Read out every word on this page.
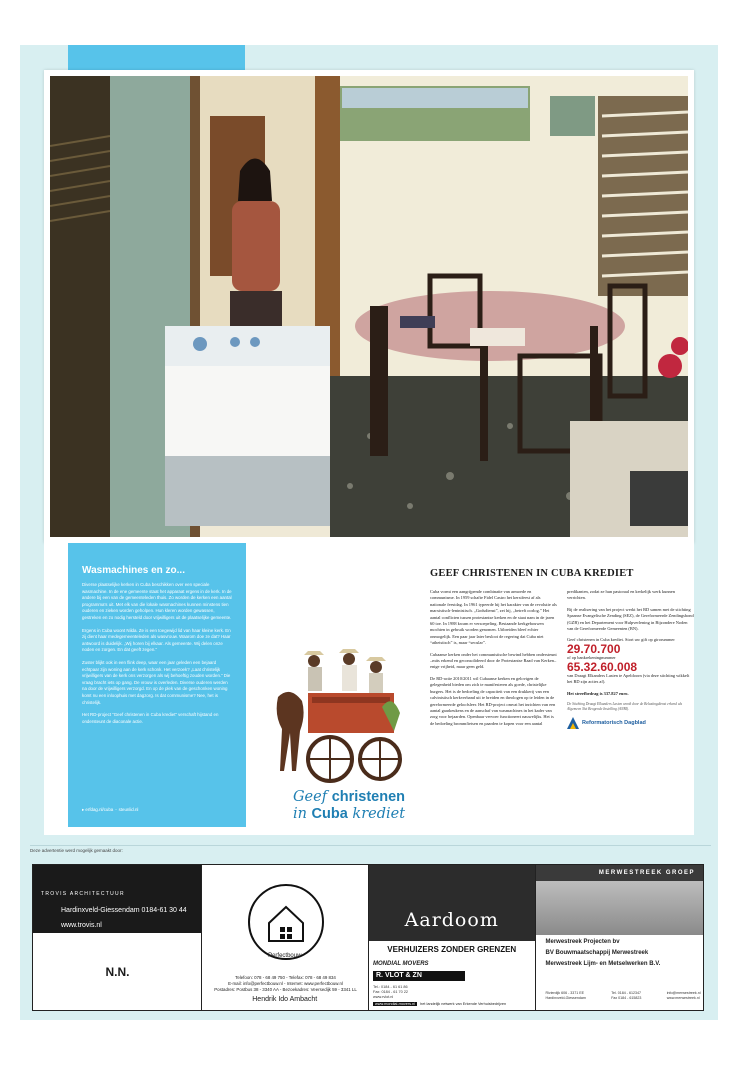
Wasmachines en zo...

Diverse plaatselijke kerken in Cuba beschikken over een speciale wasmachine. In de ene gemeente staat het apparaat ergens in de kerk. In de andere bij een van de gemeenteleden thuis. Zo worden de kerken een aantal programma's uit. Met elk van die lokale wasmachines kunnen minstens tien ouderen en zieken worden geholpen. Hun kleren worden gewassen, gestreken en zo nodig hersteld door vrijwilligers uit de plaatselijke gemeente.

Ergens in Cuba woont Nilda. Ze is een toegewijd lid van haar kleine kerk. En zij dient haar medegemeenteleden als wasvrouw. Waarom doe ze dat? Haar antwoord is duidelijk. „Wij horen bij elkaar. Als gemeente. Wij delen onze noden en zorgen. En dat geeft zegen.”

Zuster blijkt ook in een flink deep, waar een jaar geleden een bejaard echtpaar zijn woning aan de kerk schonk. Het verzoek? „Laat christelijk vrijwilligers van de kerk ons verzorgen als wij behoeftig zouden worden.” Die vraag bracht iets op gang. De vrouw is overleden. Diverse ouderen werden na door de vrijwilligers verzorgd. En op de plek van de geschonken woning komt nu een inloophuis met dagzorg. Is dat communisme? Nee, het is christelijk.

Het RD-project “Geef christenen in Cuba krediet” verschaft hijstand en ondersteunt de diaconale actie.

▸ erfdag.nl/cuba ·· steunlid.nl
Geef christenen
in Cuba krediet
GEEF CHRISTENEN IN CUBA KREDIET

Cuba vormt een aangrijpende combinatie van armoede en communisme. In 1959 schafte Fidel Castro het kerstfeest af als nationale feestdag. In 1961 typeerde hij het karakter van de revolutie als marxistisch-leninistisch. „Godsdienst”, zei hij, „betreft oorlog.” Het aantal conflicten tussen protestantse kerken en de staat nam in de jaren 60 toe. In 1988 kwam er versoepeling. Bestaande kerkgebouwen mochten in gebruik worden genomen. Uitbreiden bleef echter onmogelijk. Een paar jaar later besloot de regering dat Cuba niet “atheistisch” is, maar “secular”.

Cubaanse kerken onder het communistische bewind hebben ondersteunt –mits erkend en geconsolideerd door de Protestantse Raad van Kerken– enige vrijheid, maar geen geld.

De RD-actie 2010/2011 wil Cubaanse kerken en gelovigen de gelegenheid bieden om zich te manifesteren als goede, christelijke burgers. Het is de bedoeling de capaciteit van een drukkerij van een calvinistisch kerkverband uit te breiden en theologen op te leiden in de gereformeerde geloofsleer. Het RD-project omvat het inrichten van een aantal gaarkeukens en de aanschaf van wasmachines in het kader van zorg voor bejaarden. Openbaar vervoer functioneert nauwelijks. Het is de bedoeling brommfietsen en paarden te kopen voor een aantal

predikanten, zodat ze hun pastoraal en kerkelijk werk kunnen verrichten.

Bij de realisering van het project werkt het RD samen met de stichting Spaanse Evangelische Zending (SEZ), de Gereformeerde Zendingsbond (GZB) en het Departement voor Hulpverlening in Bijzondere Noden van de Gereformeerde Gemeenten (BN).

Geef christenen in Cuba krediet. Stort uw gift op girorummer

29.70.700
of op bankrekeningnummer
65.32.60.008

van Draagt Elkanders Lasten te Apeldoorn (via deze stichting wikkelt het RD zijn acties af).

Het streefbedrag is 337.827 euro.

De Stichting Draagt Elkanders Lasten wordt door de Belastingdienst erkend als Algemeen Nut Beogende Instelling (ANBI).

Reformatorisch Dagblad
Deze advertentie werd mogelijk gemaakt door:
TROVIS ARCHITECTUUR
Hardinxveld-Giessendam 0184-61 30 44
www.trovis.nl
N.N.
Perfectbouw
Telefoon: 078 - 68 49 750 - Telefax: 078 - 68 49 834
E-mail: info@perfectbouw.nl - Internet: www.perfectbouw.nl
Postadres: Postbus 38 - 3340 AA - Bezoekadres: Veersedijk 59 - 3341 LL
Hendrik Ido Ambacht
Aardoom
VERHUIZERS ZONDER GRENZEN
MONDIAL MOVERS
R. VLOT & ZN
Tel.: 0184 - 61 61 86
Fax: 0184 - 61 70 22
www.rvlot.nl
www.mondial-movers.nl het landelijk netwerk van Erkende Verhuisbedrijven
MERWESTREEK GROEP
Merwestreek Projecten bv
BV Bouwmaatschappij Merwestreek
Merwestreek Lijm- en Metselwerken B.V.
Rivierdijk 606 - 3371 EE
Hardinxveld-Giessendam
Tel. 0184 - 612347
Fax 0184 - 615823
info@merwestreek.nl
www.merwestreek.nl
